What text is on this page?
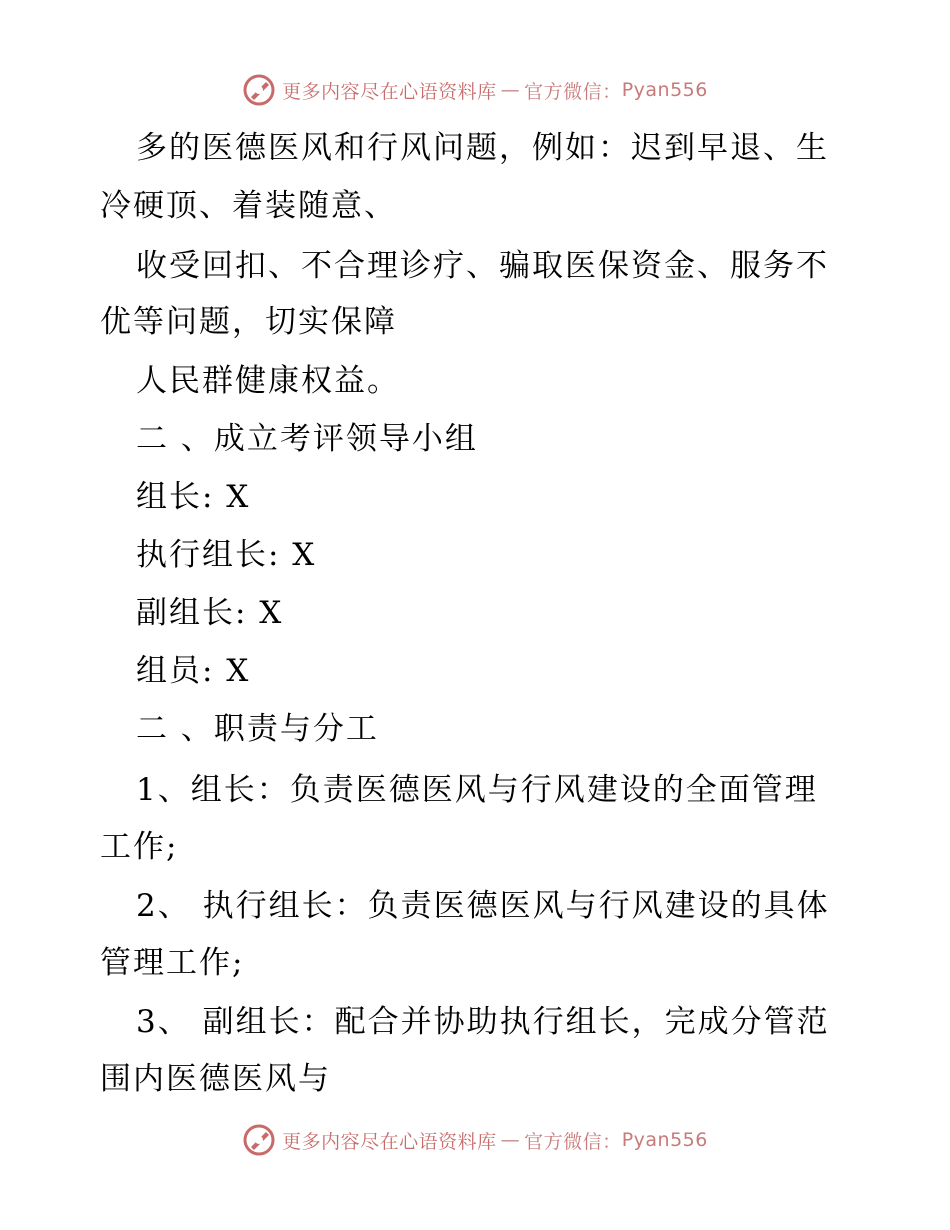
更多内容尽在心语资料库 — 官方微信： Pyan556
多的医德医风和行风问题，例如：迟到早退、生
冷硬顶、着装随意、
收受回扣、不合理诊疗、骗取医保资金、服务不
优等问题，切实保障
人民群健康权益。
二 、成立考评领导小组
组长: X
执行组长: X
副组长: X
组员: X
二 、职责与分工
1、组长：负责医德医风与行风建设的全面管理
工作;
2、 执行组长：负责医德医风与行风建设的具体
管理工作;
3、 副组长：配合并协助执行组长，完成分管范
围内医德医风与
更多内容尽在心语资料库 — 官方微信： Pyan556
